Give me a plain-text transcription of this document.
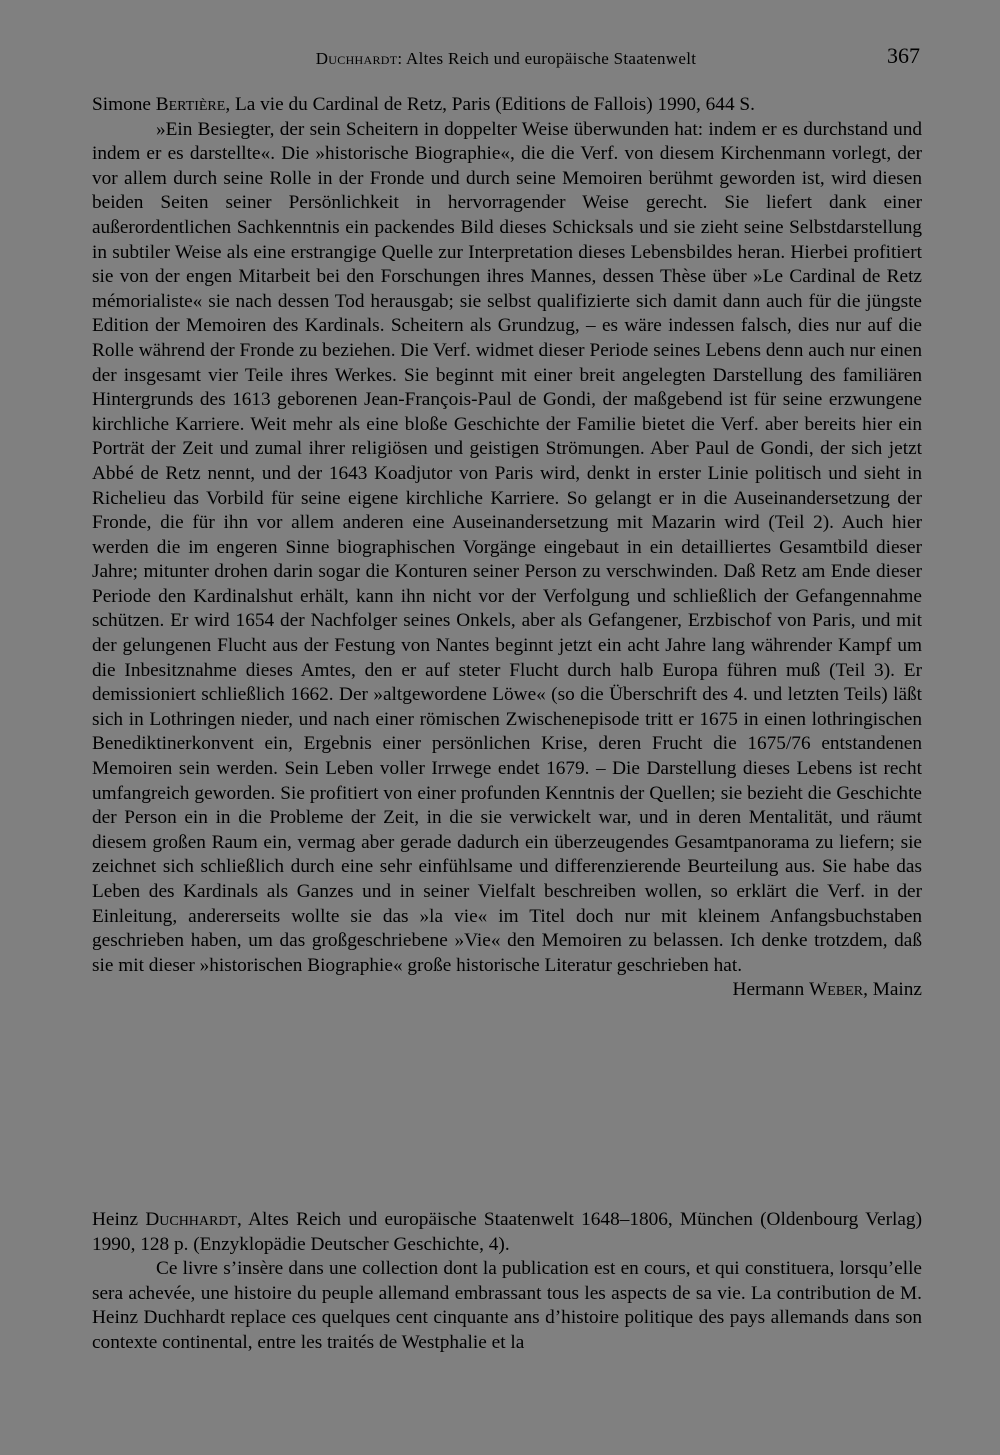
Duchhardt: Altes Reich und europäische Staatenwelt	367

Simone Bertière, La vie du Cardinal de Retz, Paris (Editions de Fallois) 1990, 644 S.

»Ein Besiegter, der sein Scheitern in doppelter Weise überwunden hat: indem er es durchstand und indem er es darstellte«. Die »historische Biographie«, die die Verf. von diesem Kirchenmann vorlegt, der vor allem durch seine Rolle in der Fronde und durch seine Memoiren berühmt geworden ist, wird diesen beiden Seiten seiner Persönlichkeit in hervorragender Weise gerecht. Sie liefert dank einer außerordentlichen Sachkenntnis ein packendes Bild dieses Schicksals und sie zieht seine Selbstdarstellung in subtiler Weise als eine erstrangige Quelle zur Interpretation dieses Lebensbildes heran. Hierbei profitiert sie von der engen Mitarbeit bei den Forschungen ihres Mannes, dessen Thèse über »Le Cardinal de Retz mémorialiste« sie nach dessen Tod herausgab; sie selbst qualifizierte sich damit dann auch für die jüngste Edition der Memoiren des Kardinals. Scheitern als Grundzug, – es wäre indessen falsch, dies nur auf die Rolle während der Fronde zu beziehen. Die Verf. widmet dieser Periode seines Lebens denn auch nur einen der insgesamt vier Teile ihres Werkes. Sie beginnt mit einer breit angelegten Darstellung des familiären Hintergrunds des 1613 geborenen Jean-François-Paul de Gondi, der maßgebend ist für seine erzwungene kirchliche Karriere. Weit mehr als eine bloße Geschichte der Familie bietet die Verf. aber bereits hier ein Porträt der Zeit und zumal ihrer religiösen und geistigen Strömungen. Aber Paul de Gondi, der sich jetzt Abbé de Retz nennt, und der 1643 Koadjutor von Paris wird, denkt in erster Linie politisch und sieht in Richelieu das Vorbild für seine eigene kirchliche Karriere. So gelangt er in die Auseinandersetzung der Fronde, die für ihn vor allem anderen eine Auseinandersetzung mit Mazarin wird (Teil 2). Auch hier werden die im engeren Sinne biographischen Vorgänge eingebaut in ein detailliertes Gesamtbild dieser Jahre; mitunter drohen darin sogar die Konturen seiner Person zu verschwinden. Daß Retz am Ende dieser Periode den Kardinalshut erhält, kann ihn nicht vor der Verfolgung und schließlich der Gefangennahme schützen. Er wird 1654 der Nachfolger seines Onkels, aber als Gefangener, Erzbischof von Paris, und mit der gelungenen Flucht aus der Festung von Nantes beginnt jetzt ein acht Jahre lang währender Kampf um die Inbesitznahme dieses Amtes, den er auf steter Flucht durch halb Europa führen muß (Teil 3). Er demissioniert schließlich 1662. Der »altgewordene Löwe« (so die Überschrift des 4. und letzten Teils) läßt sich in Lothringen nieder, und nach einer römischen Zwischenepisode tritt er 1675 in einen lothringischen Benediktinerkonvent ein, Ergebnis einer persönlichen Krise, deren Frucht die 1675/76 entstandenen Memoiren sein werden. Sein Leben voller Irrwege endet 1679. – Die Darstellung dieses Lebens ist recht umfangreich geworden. Sie profitiert von einer profunden Kenntnis der Quellen; sie bezieht die Geschichte der Person ein in die Probleme der Zeit, in die sie verwickelt war, und in deren Mentalität, und räumt diesem großen Raum ein, vermag aber gerade dadurch ein überzeugendes Gesamtpanorama zu liefern; sie zeichnet sich schließlich durch eine sehr einfühlsame und differenzierende Beurteilung aus. Sie habe das Leben des Kardinals als Ganzes und in seiner Vielfalt beschreiben wollen, so erklärt die Verf. in der Einleitung, andererseits wollte sie das »la vie« im Titel doch nur mit kleinem Anfangsbuchstaben geschrieben haben, um das großgeschriebene »Vie« den Memoiren zu belassen. Ich denke trotzdem, daß sie mit dieser »historischen Biographie« große historische Literatur geschrieben hat.

Hermann Weber, Mainz

Heinz Duchhardt, Altes Reich und europäische Staatenwelt 1648–1806, München (Oldenbourg Verlag) 1990, 128 p. (Enzyklopädie Deutscher Geschichte, 4).

Ce livre s’insère dans une collection dont la publication est en cours, et qui constituera, lorsqu’elle sera achevée, une histoire du peuple allemand embrassant tous les aspects de sa vie. La contribution de M. Heinz Duchhardt replace ces quelques cent cinquante ans d’histoire politique des pays allemands dans son contexte continental, entre les traités de Westphalie et la
